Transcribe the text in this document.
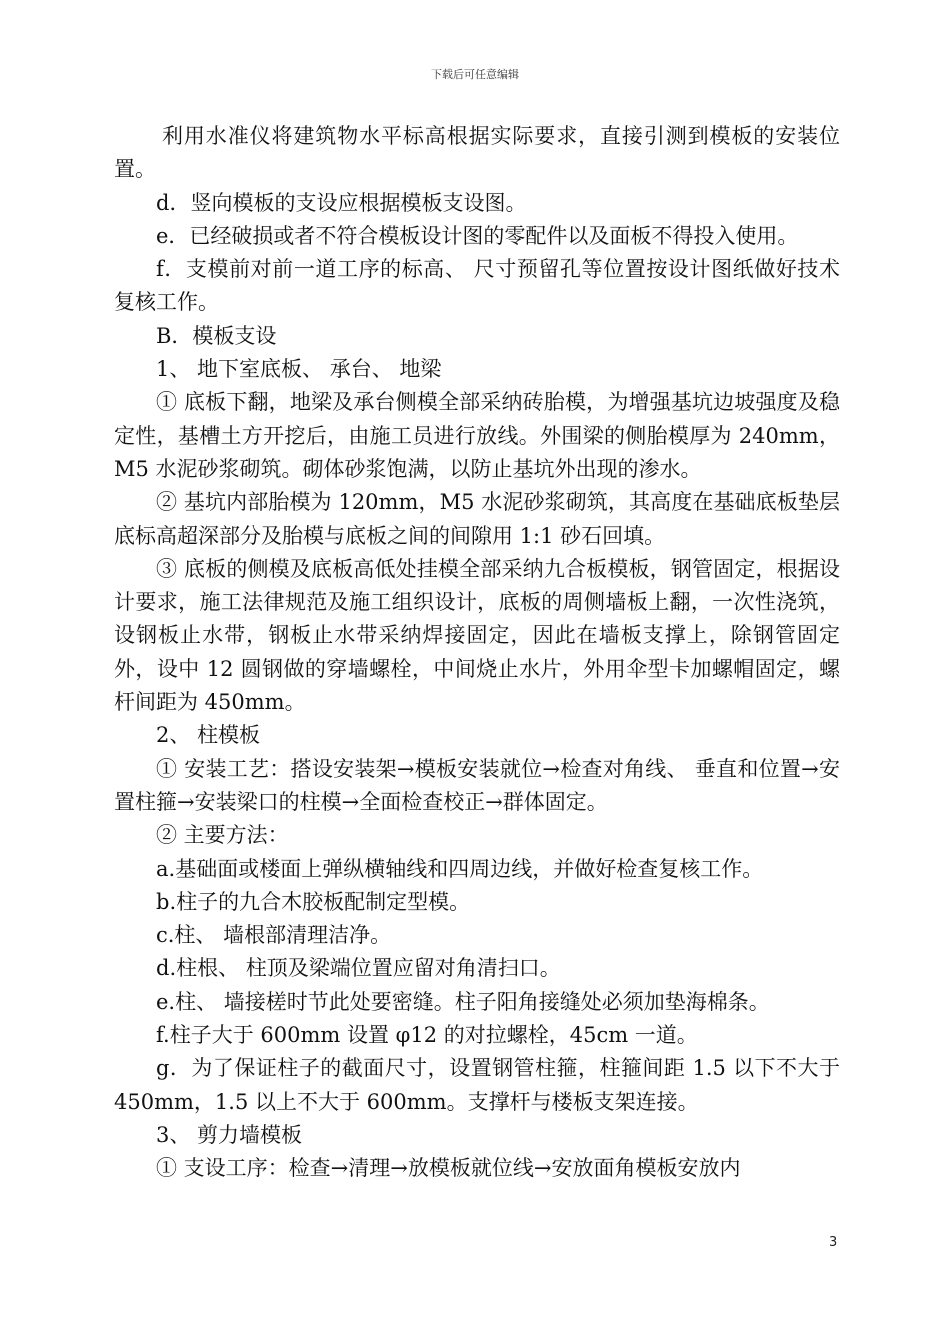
下载后可任意编辑

利用水准仪将建筑物水平标高根据实际要求，直接引测到模板的安装位置。

d．竖向模板的支设应根据模板支设图。

e．已经破损或者不符合模板设计图的零配件以及面板不得投入使用。

f．支模前对前一道工序的标高、 尺寸预留孔等位置按设计图纸做好技术复核工作。

B．模板支设

1、 地下室底板、 承台、 地梁

① 底板下翻，地梁及承台侧模全部采纳砖胎模，为增强基坑边坡强度及稳定性，基槽土方开挖后，由施工员进行放线。外围梁的侧胎模厚为 240mm，M5 水泥砂浆砌筑。砌体砂浆饱满，以防止基坑外出现的渗水。

② 基坑内部胎模为 120mm，M5 水泥砂浆砌筑，其高度在基础底板垫层底标高超深部分及胎模与底板之间的间隙用 1:1 砂石回填。

③ 底板的侧模及底板高低处挂模全部采纳九合板模板，钢管固定，根据设计要求，施工法律规范及施工组织设计，底板的周侧墙板上翻，一次性浇筑，设钢板止水带，钢板止水带采纳焊接固定，因此在墙板支撑上，除钢管固定外，设中 12 圆钢做的穿墙螺栓，中间烧止水片，外用伞型卡加螺帽固定，螺杆间距为 450mm。

2、 柱模板

① 安装工艺：搭设安装架→模板安装就位→检查对角线、 垂直和位置→安置柱箍→安装梁口的柱模→全面检查校正→群体固定。

② 主要方法：

a.基础面或楼面上弹纵横轴线和四周边线，并做好检查复核工作。

b.柱子的九合木胶板配制定型模。

c.柱、 墙根部清理洁净。

d.柱根、 柱顶及梁端位置应留对角清扫口。

e.柱、 墙接槎时节此处要密缝。柱子阳角接缝处必须加垫海棉条。

f.柱子大于 600mm 设置 φ12 的对拉螺栓，45cm 一道。

g．为了保证柱子的截面尺寸，设置钢管柱箍，柱箍间距 1.5 以下不大于 450mm，1.5 以上不大于 600mm。支撑杆与楼板支架连接。

3、 剪力墙模板

① 支设工序：检查→清理→放模板就位线→安放面角模板安放内

3
